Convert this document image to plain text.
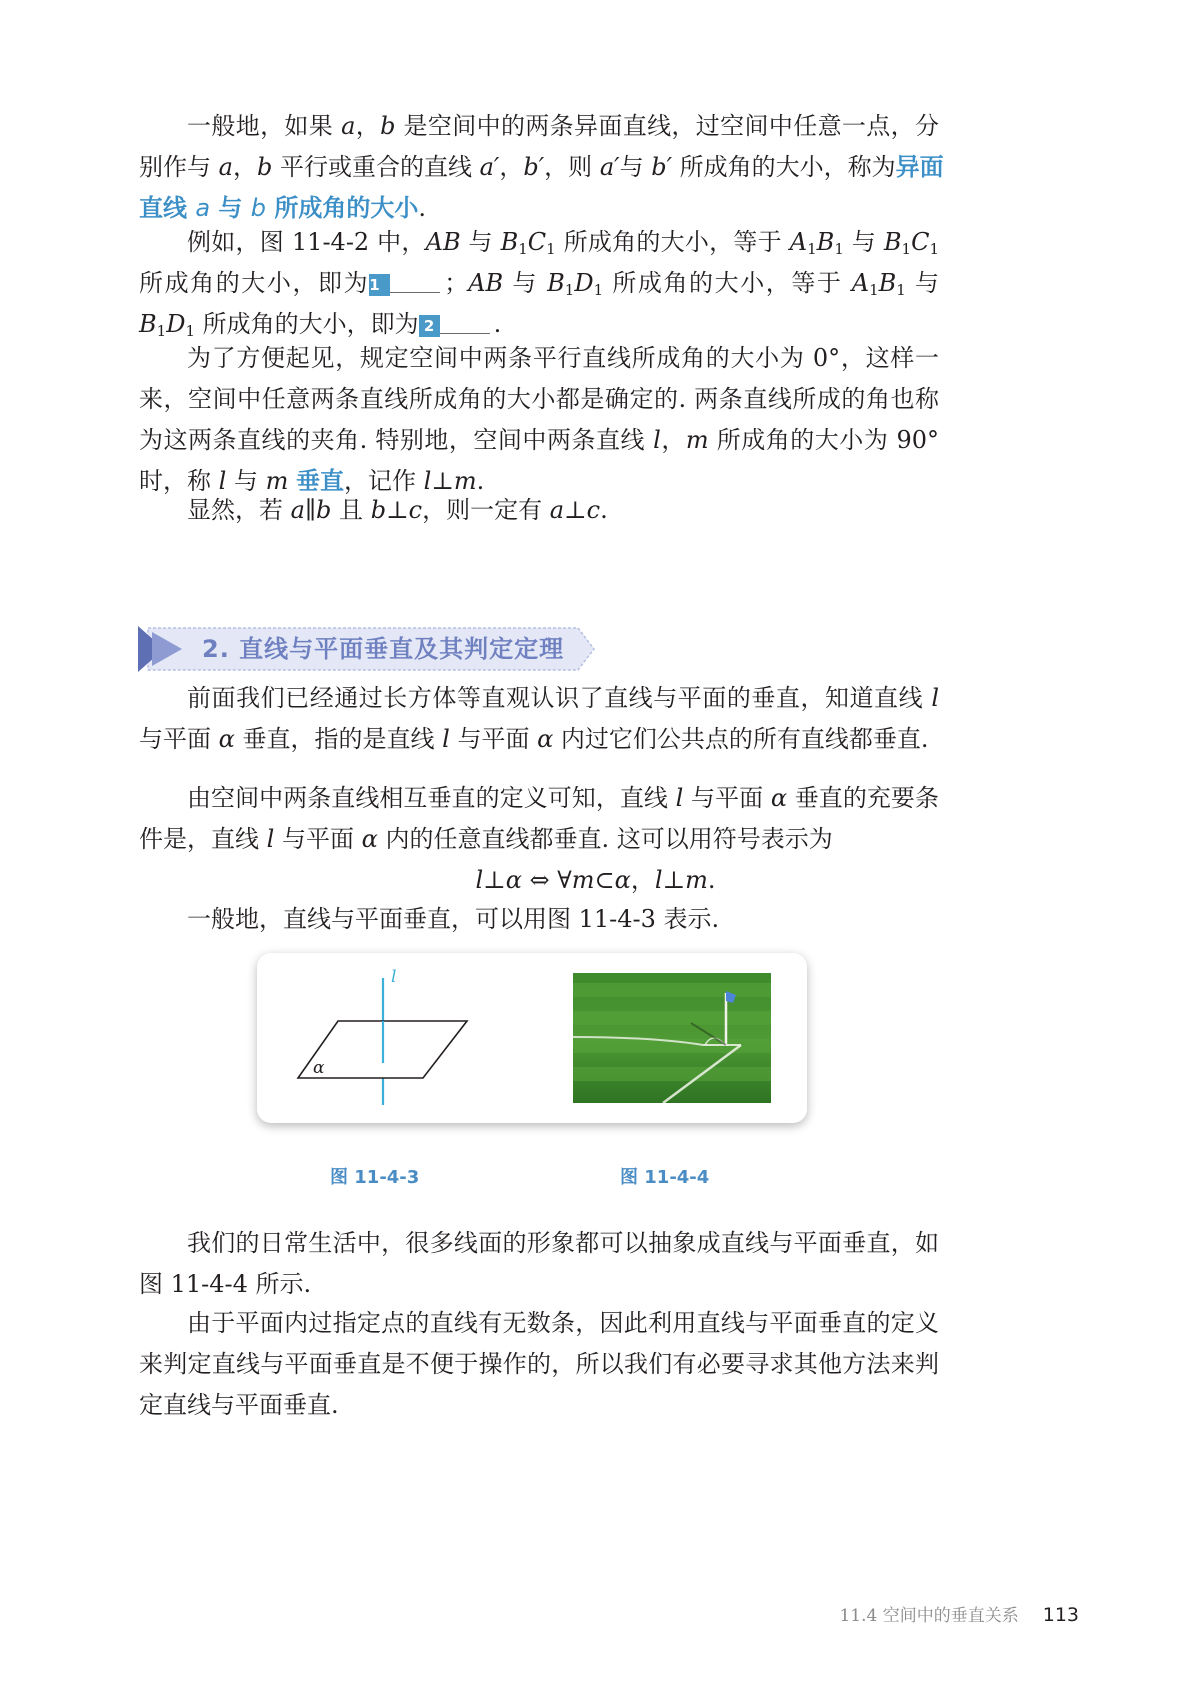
一般地，如果 a，b 是空间中的两条异面直线，过空间中任意一点，分
别作与 a，b 平行或重合的直线 a′，b′，则 a′与 b′ 所成角的大小，称为异面
直线 a 与 b 所成角的大小.
例如，图 11-4-2 中，AB 与 $B_1C_1$ 所成角的大小，等于 $A_1B_1$ 与 $B_1C_1$
所成角的大小，即为1	；AB 与 $B_1D_1$ 所成角的大小，等于 $A_1B_1$ 与
$B_1D_1$ 所成角的大小，即为 2 .
为了方便起见，规定空间中两条平行直线所成角的大小为 0°，这样一
来，空间中任意两条直线所成角的大小都是确定的. 两条直线所成的角也称
为这两条直线的夹角. 特别地，空间中两条直线 l，m 所成角的大小为 90°
时，称 l 与 m 垂直，记作 l⊥m.
显然，若 a∥b 且 b⊥c，则一定有 a⊥c.
2. 直线与平面垂直及其判定定理
前面我们已经通过长方体等直观认识了直线与平面的垂直，知道直线 l
与平面 α 垂直，指的是直线 l 与平面 α 内过它们公共点的所有直线都垂直.
由空间中两条直线相互垂直的定义可知，直线 l 与平面 α 垂直的充要条
件是，直线 l 与平面 α 内的任意直线都垂直. 这可以用符号表示为
l⊥α ⇔ ∀m⊂α，l⊥m.
一般地，直线与平面垂直，可以用图 11-4-3 表示.
l
α
图 11-4-3	图 11-4-4
我们的日常生活中，很多线面的形象都可以抽象成直线与平面垂直，如
图 11-4-4 所示.
由于平面内过指定点的直线有无数条，因此利用直线与平面垂直的定义
来判定直线与平面垂直是不便于操作的，所以我们有必要寻求其他方法来判
定直线与平面垂直.
11.4 空间中的垂直关系 113
